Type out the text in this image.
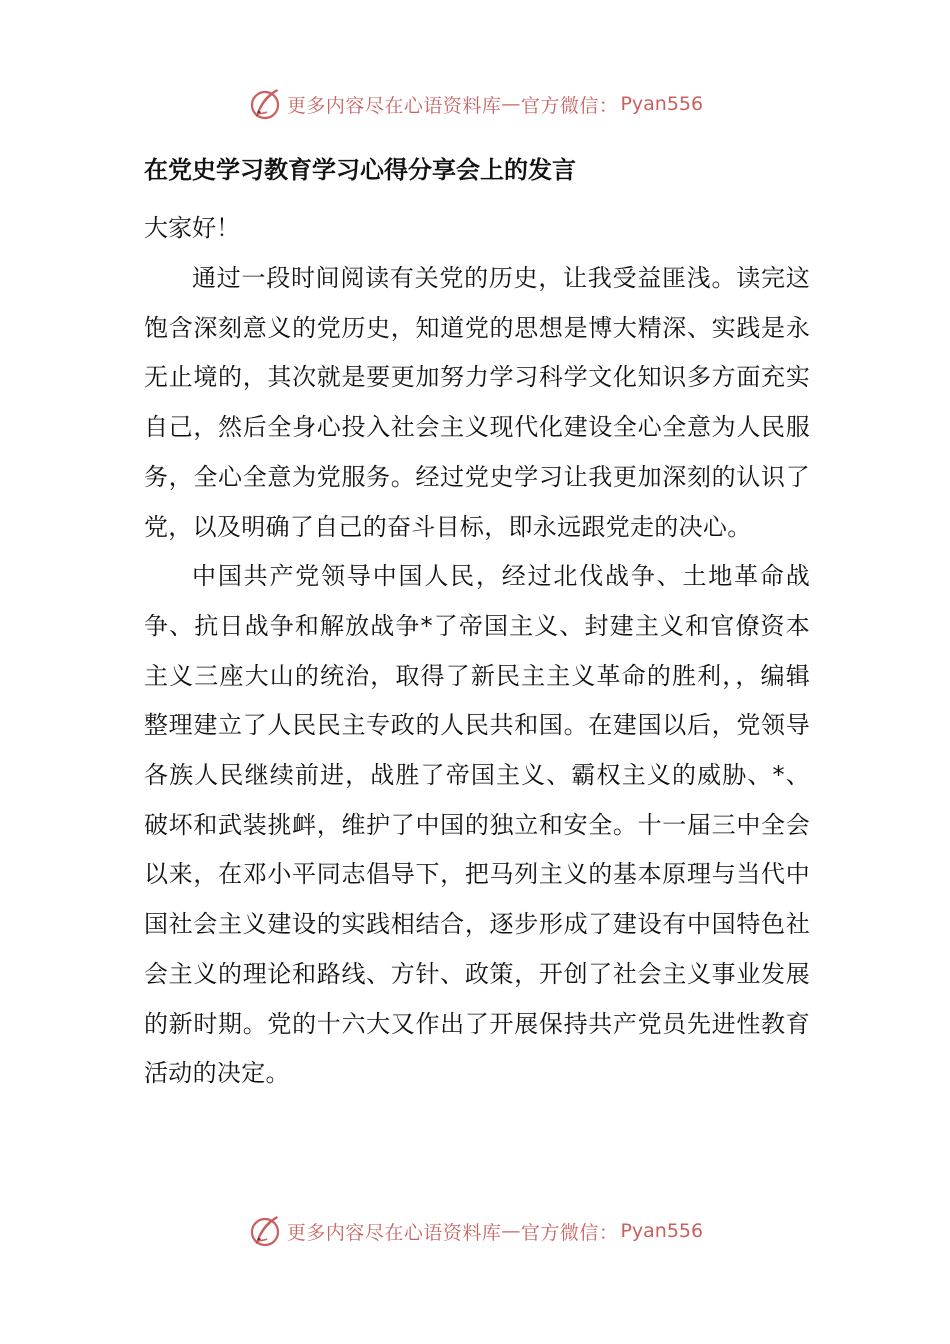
更多内容尽在心语资料库 — 官方微信： Pyan556
在党史学习教育学习心得分享会上的发言
大家好！

通过一段时间阅读有关党的历史，让我受益匪浅。读完这饱含深刻意义的党历史，知道党的思想是博大精深、实践是永无止境的，其次就是要更加努力学习科学文化知识多方面充实自己，然后全身心投入社会主义现代化建设全心全意为人民服务，全心全意为党服务。经过党史学习让我更加深刻的认识了党，以及明确了自己的奋斗目标，即永远跟党走的决心。

中国共产党领导中国人民，经过北伐战争、土地革命战争、抗日战争和解放战争*了帝国主义、封建主义和官僚资本主义三座大山的统治，取得了新民主主义革命的胜利，，编辑整理建立了人民民主专政的人民共和国。在建国以后，党领导各族人民继续前进，战胜了帝国主义、霸权主义的威胁、*、破坏和武装挑衅，维护了中国的独立和安全。十一届三中全会以来，在邓小平同志倡导下，把马列主义的基本原理与当代中国社会主义建设的实践相结合，逐步形成了建设有中国特色社会主义的理论和路线、方针、政策，开创了社会主义事业发展的新时期。党的十六大又作出了开展保持共产党员先进性教育活动的决定。

更多内容尽在心语资料库 — 官方微信： Pyan556
